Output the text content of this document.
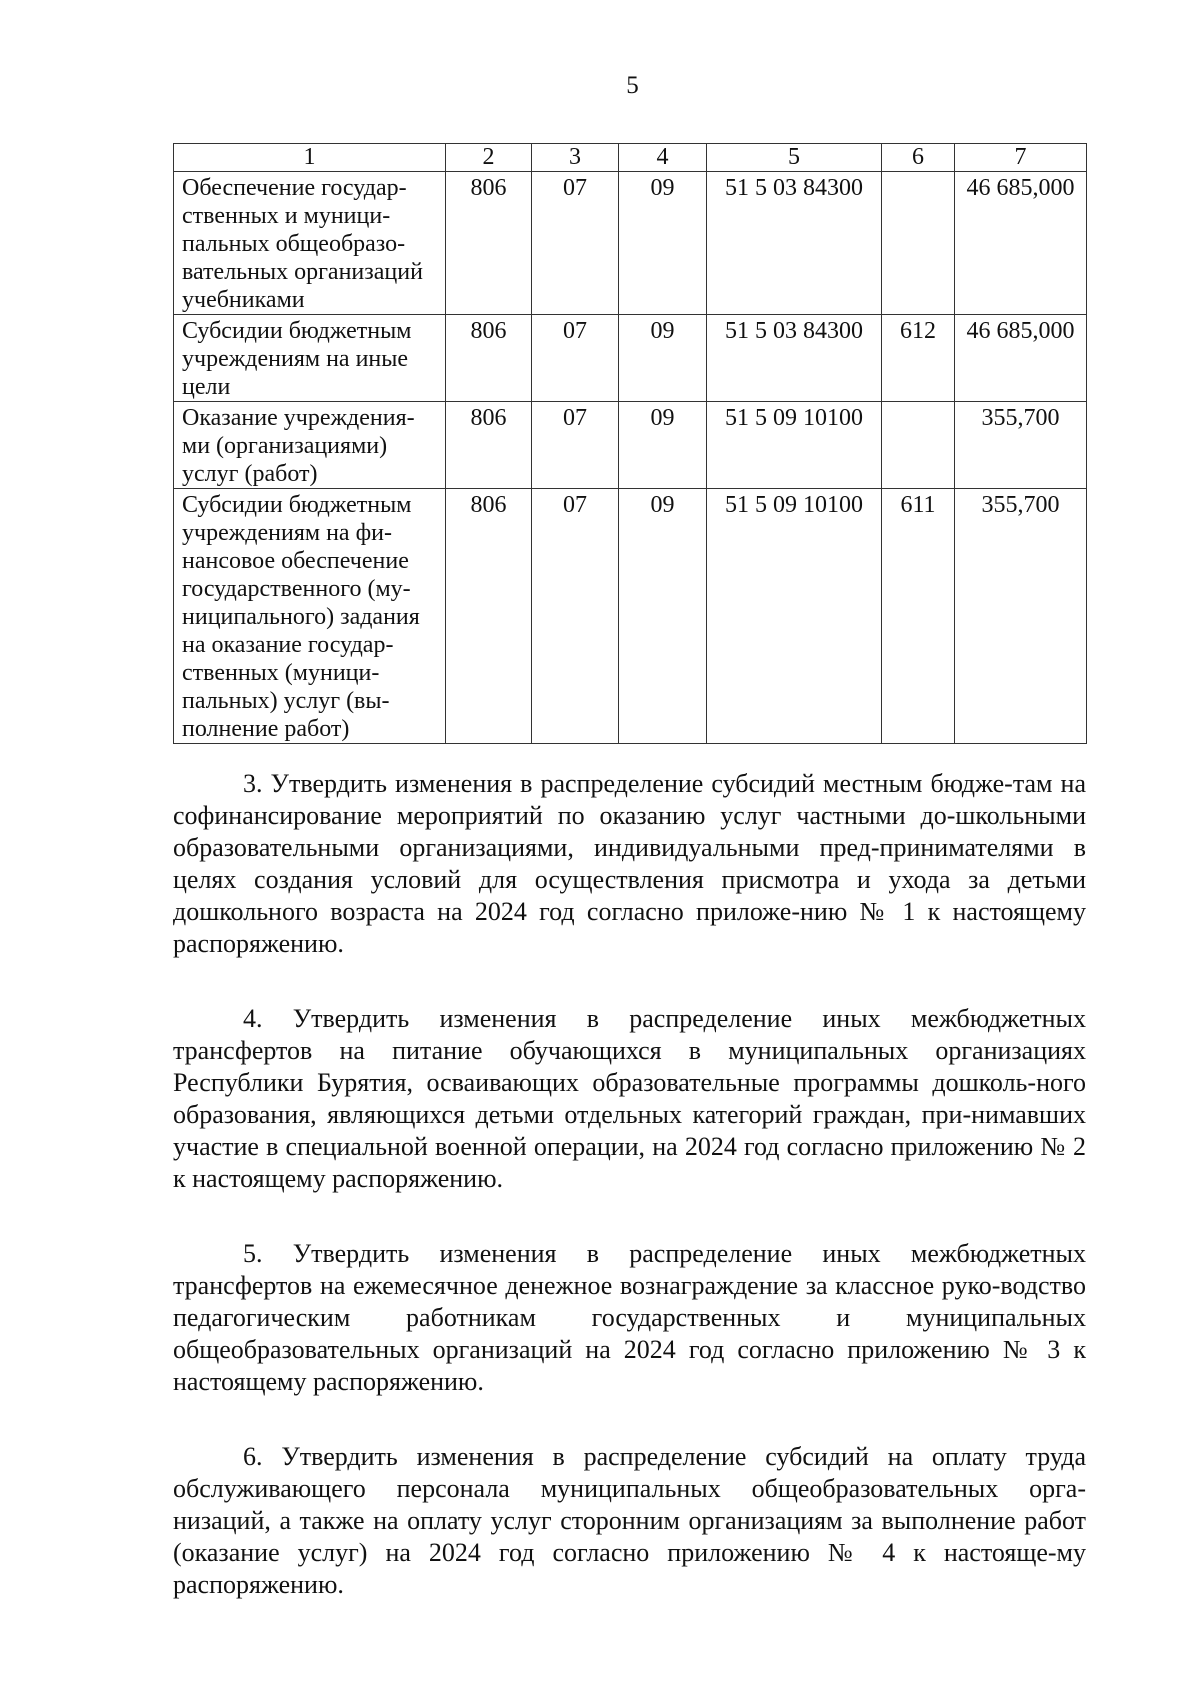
5
1	2	3	4	5	6	7
Обеспечение государ-ственных и муници-пальных общеобразо-вательных организаций учебниками	806	07	09	51 5 03 84300		46 685,000
Субсидии бюджетным учреждениям на иные цели	806	07	09	51 5 03 84300	612	46 685,000
Оказание учреждения-ми (организациями) услуг (работ)	806	07	09	51 5 09 10100		355,700
Субсидии бюджетным учреждениям на фи-нансовое обеспечение государственного (му-ниципального) задания на оказание государ-ственных (муници-пальных) услуг (вы-полнение работ)	806	07	09	51 5 09 10100	611	355,700

3. Утвердить изменения в распределение субсидий местным бюдже-там на софинансирование мероприятий по оказанию услуг частными до-школьными образовательными организациями, индивидуальными пред-принимателями в целях создания условий для осуществления присмотра и ухода за детьми дошкольного возраста на 2024 год согласно приложе-нию № 1 к настоящему распоряжению.

4. Утвердить изменения в распределение иных межбюджетных трансфертов на питание обучающихся в муниципальных организациях Республики Бурятия, осваивающих образовательные программы дошколь-ного образования, являющихся детьми отдельных категорий граждан, при-нимавших участие в специальной военной операции, на 2024 год согласно приложению № 2 к настоящему распоряжению.

5. Утвердить изменения в распределение иных межбюджетных трансфертов на ежемесячное денежное вознаграждение за классное руко-водство педагогическим работникам государственных и муниципальных общеобразовательных организаций на 2024 год согласно приложению № 3 к настоящему распоряжению.

6. Утвердить изменения в распределение субсидий на оплату труда обслуживающего персонала муниципальных общеобразовательных орга-низаций, а также на оплату услуг сторонним организациям за выполнение работ (оказание услуг) на 2024 год согласно приложению № 4 к настояще-му распоряжению.
